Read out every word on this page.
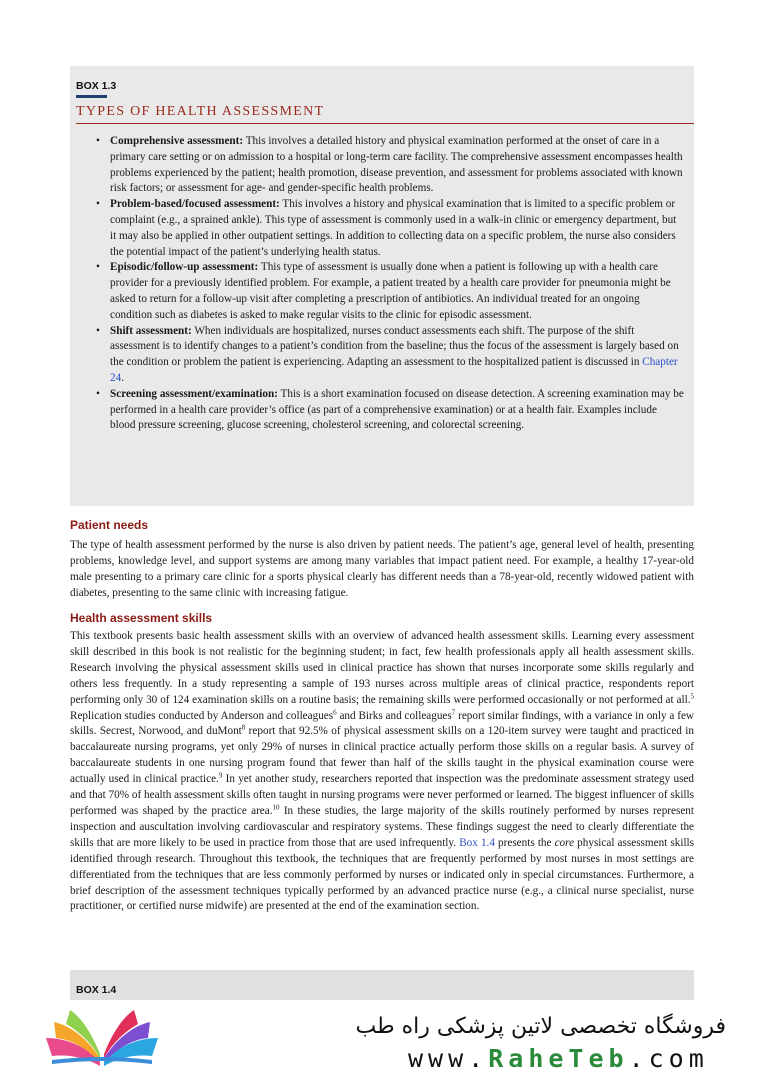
BOX 1.3
TYPES OF HEALTH ASSESSMENT
• Comprehensive assessment: This involves a detailed history and physical examination performed at the onset of care in a primary care setting or on admission to a hospital or long-term care facility. The comprehensive assessment encompasses health problems experienced by the patient; health promotion, disease prevention, and assessment for problems associated with known risk factors; or assessment for age- and gender-specific health problems.
• Problem-based/focused assessment: This involves a history and physical examination that is limited to a specific problem or complaint (e.g., a sprained ankle). This type of assessment is commonly used in a walk-in clinic or emergency department, but it may also be applied in other outpatient settings. In addition to collecting data on a specific problem, the nurse also considers the potential impact of the patient’s underlying health status.
• Episodic/follow-up assessment: This type of assessment is usually done when a patient is following up with a health care provider for a previously identified problem. For example, a patient treated by a health care provider for pneumonia might be asked to return for a follow-up visit after completing a prescription of antibiotics. An individual treated for an ongoing condition such as diabetes is asked to make regular visits to the clinic for episodic assessment.
• Shift assessment: When individuals are hospitalized, nurses conduct assessments each shift. The purpose of the shift assessment is to identify changes to a patient’s condition from the baseline; thus the focus of the assessment is largely based on the condition or problem the patient is experiencing. Adapting an assessment to the hospitalized patient is discussed in Chapter 24.
• Screening assessment/examination: This is a short examination focused on disease detection. A screening examination may be performed in a health care provider’s office (as part of a comprehensive examination) or at a health fair. Examples include blood pressure screening, glucose screening, cholesterol screening, and colorectal screening.
Patient needs

The type of health assessment performed by the nurse is also driven by patient needs. The patient’s age, general level of health, presenting problems, knowledge level, and support systems are among many variables that impact patient need. For example, a healthy 17-year-old male presenting to a primary care clinic for a sports physical clearly has different needs than a 78-year-old, recently widowed patient with diabetes, presenting to the same clinic with increasing fatigue.

Health assessment skills

This textbook presents basic health assessment skills with an overview of advanced health assessment skills. Learning every assessment skill described in this book is not realistic for the beginning student; in fact, few health professionals apply all health assessment skills. Research involving the physical assessment skills used in clinical practice has shown that nurses incorporate some skills regularly and others less frequently. In a study representing a sample of 193 nurses across multiple areas of clinical practice, respondents report performing only 30 of 124 examination skills on a routine basis; the remaining skills were performed occasionally or not performed at all.$^5$ Replication studies conducted by Anderson and colleagues$^6$ and Birks and colleagues$^7$ report similar findings, with a variance in only a few skills. Secrest, Norwood, and duMont$^8$ report that 92.5% of physical assessment skills on a 120-item survey were taught and practiced in baccalaureate nursing programs, yet only 29% of nurses in clinical practice actually perform those skills on a regular basis. A survey of baccalaureate students in one nursing program found that fewer than half of the skills taught in the physical examination course were actually used in clinical practice.$^9$ In yet another study, researchers reported that inspection was the predominate assessment strategy used and that 70% of health assessment skills often taught in nursing programs were never performed or learned. The biggest influencer of skills performed was shaped by the practice area.$^{10}$ In these studies, the large majority of the skills routinely performed by nurses represent inspection and auscultation involving cardiovascular and respiratory systems. These findings suggest the need to clearly differentiate the skills that are more likely to be used in practice from those that are used infrequently. Box 1.4 presents the core physical assessment skills identified through research. Throughout this textbook, the techniques that are frequently performed by most nurses in most settings are differentiated from the techniques that are less commonly performed by nurses or indicated only in special circumstances. Furthermore, a brief description of the assessment techniques typically performed by an advanced practice nurse (e.g., a clinical nurse specialist, nurse practitioner, or certified nurse midwife) are presented at the end of the examination section.

BOX 1.4
فروشگاه تخصصی لاتین پزشکی راه طب
www.RaheTeb.com
